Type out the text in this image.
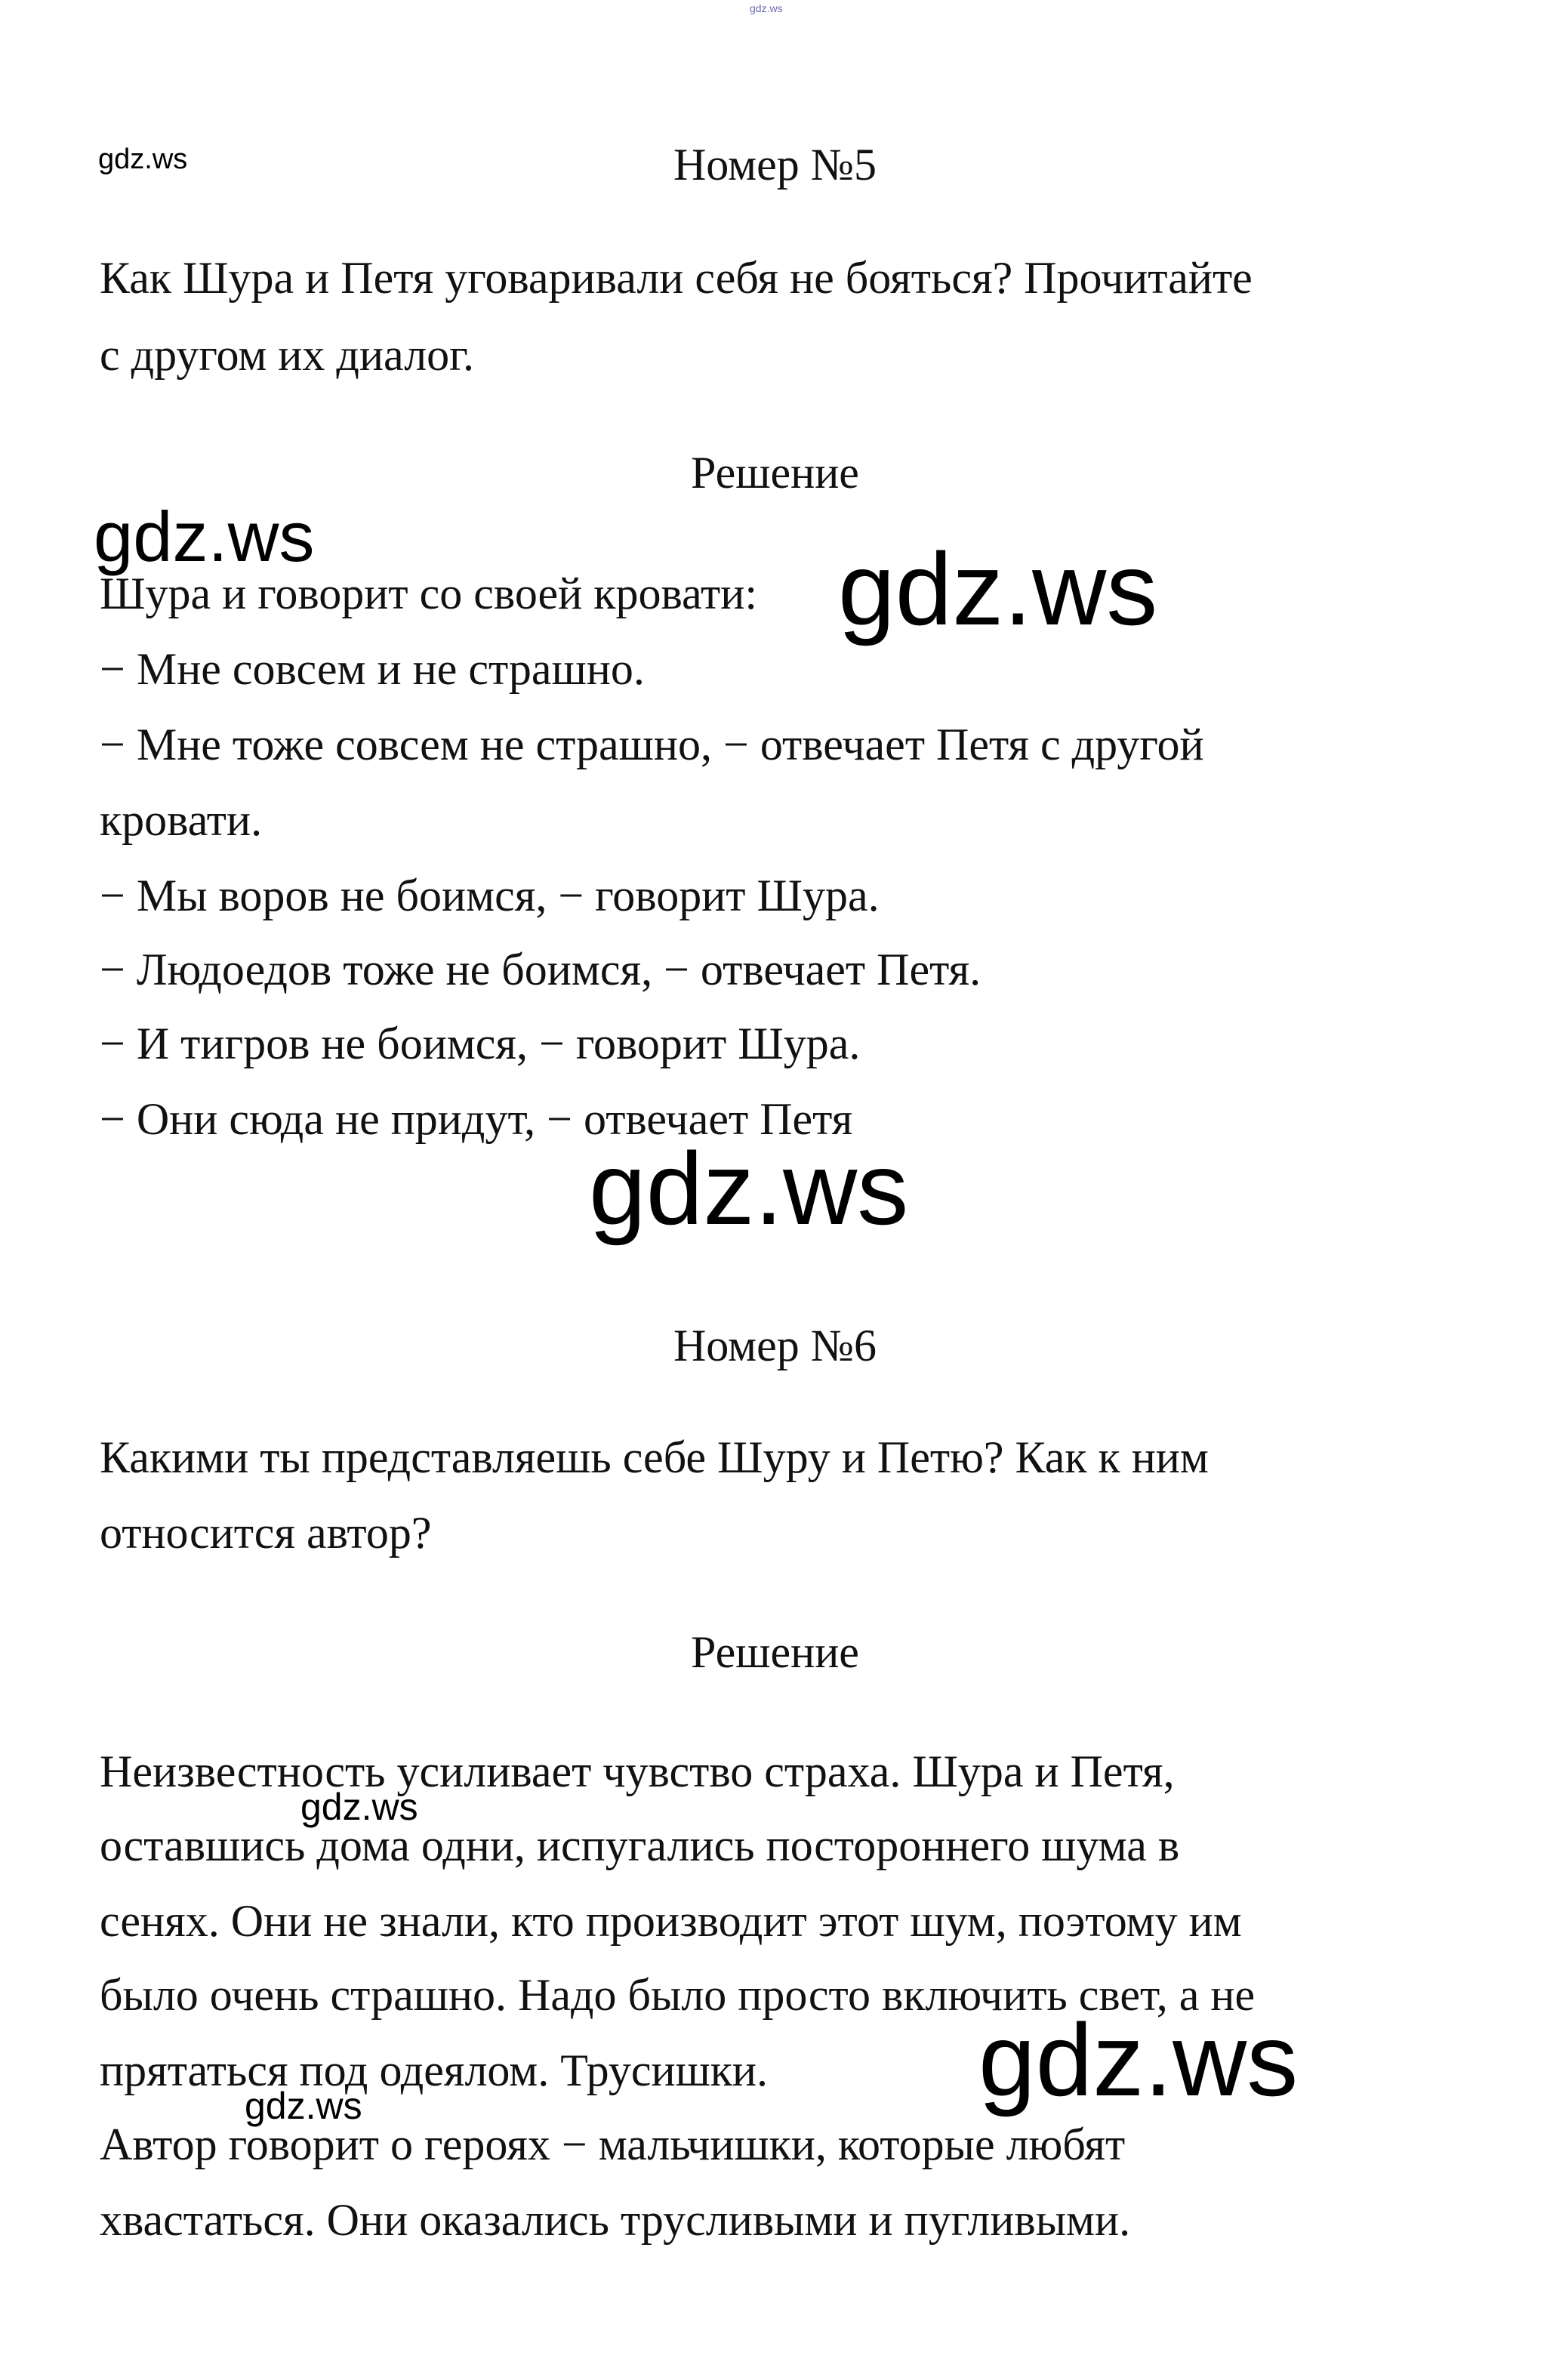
gdz.ws
gdz.ws	Номер №5
Как Шура и Петя уговаривали себя не бояться? Прочитайте
с другом их диалог.
Решение
gdz.ws
Шура и говорит со своей кровати: gdz.ws
− Мне совсем и не страшно.
− Мне тоже совсем не страшно, − отвечает Петя с другой
кровати.
− Мы воров не боимся, − говорит Шура.
− Людоедов тоже не боимся, − отвечает Петя.
− И тигров не боимся, − говорит Шура.
− Они сюда не придут, − отвечает Петя
gdz.ws
Номер №6
Какими ты представляешь себе Шуру и Петю? Как к ним
относится автор?
Решение
Неизвестность усиливает чувство страха. Шура и Петя,
gdz.ws
оставшись дома одни, испугались постороннего шума в
сенях. Они не знали, кто производит этот шум, поэтому им
было очень страшно. Надо было просто включить свет, а не
прятаться под одеялом. Трусишки. gdz.ws
gdz.ws
Автор говорит о героях − мальчишки, которые любят
хвастаться. Они оказались трусливыми и пугливыми.
